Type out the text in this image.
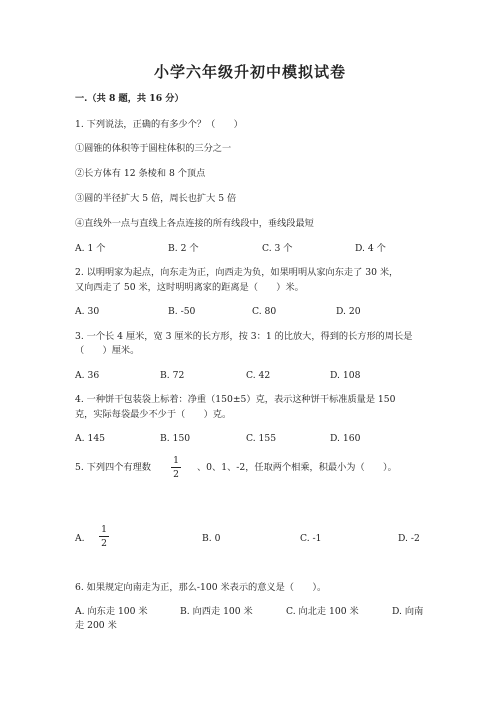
小学六年级升初中模拟试卷
一.（共 8 题，共 16 分）
1. 下列说法，正确的有多少个？（　　）
①圆锥的体积等于圆柱体积的三分之一
②长方体有 12 条棱和 8 个顶点
③圆的半径扩大 5 倍，周长也扩大 5 倍
④直线外一点与直线上各点连接的所有线段中，垂线段最短
A. 1 个	B. 2 个	C. 3 个	D. 4 个
2. 以明明家为起点，向东走为正，向西走为负，如果明明从家向东走了 30 米，
又向西走了 50 米，这时明明离家的距离是（　　）米。
A. 30	B. -50	C. 80	D. 20
3. 一个长 4 厘米，宽 3 厘米的长方形，按 3：1 的比放大，得到的长方形的周长是
（　　）厘米。
A. 36	B. 72	C. 42	D. 108
4. 一种饼干包装袋上标着：净重（150±5）克，表示这种饼干标准质量是 150
克，实际每袋最少不少于（　　）克。
A. 145	B. 150	C. 155	D. 160
5. 下列四个有理数
1
2
、0、1、-2，任取两个相乘，积最小为（　　）。
A.
1
2	B. 0	C. -1	D. -2
6. 如果规定向南走为正，那么-100 米表示的意义是（　　）。
A. 向东走 100 米	B. 向西走 100 米	C. 向北走 100 米	D. 向南
走 200 米
